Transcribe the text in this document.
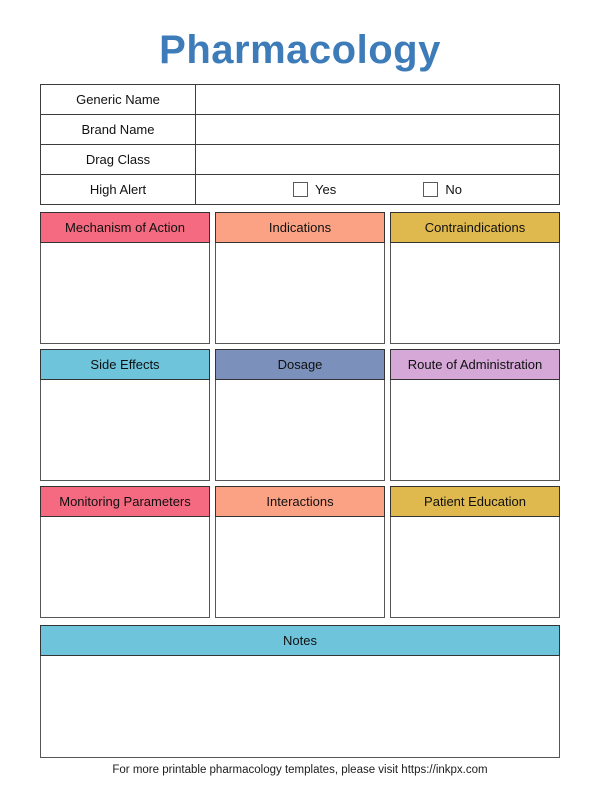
Pharmacology
Generic Name	
Brand Name	
Drag Class	
High Alert	Yes No
Mechanism of Action	Indications	Contraindications
Side Effects	Dosage	Route of Administration
Monitoring Parameters	Interactions	Patient Education
Notes
For more printable pharmacology templates, please visit https://inkpx.com
